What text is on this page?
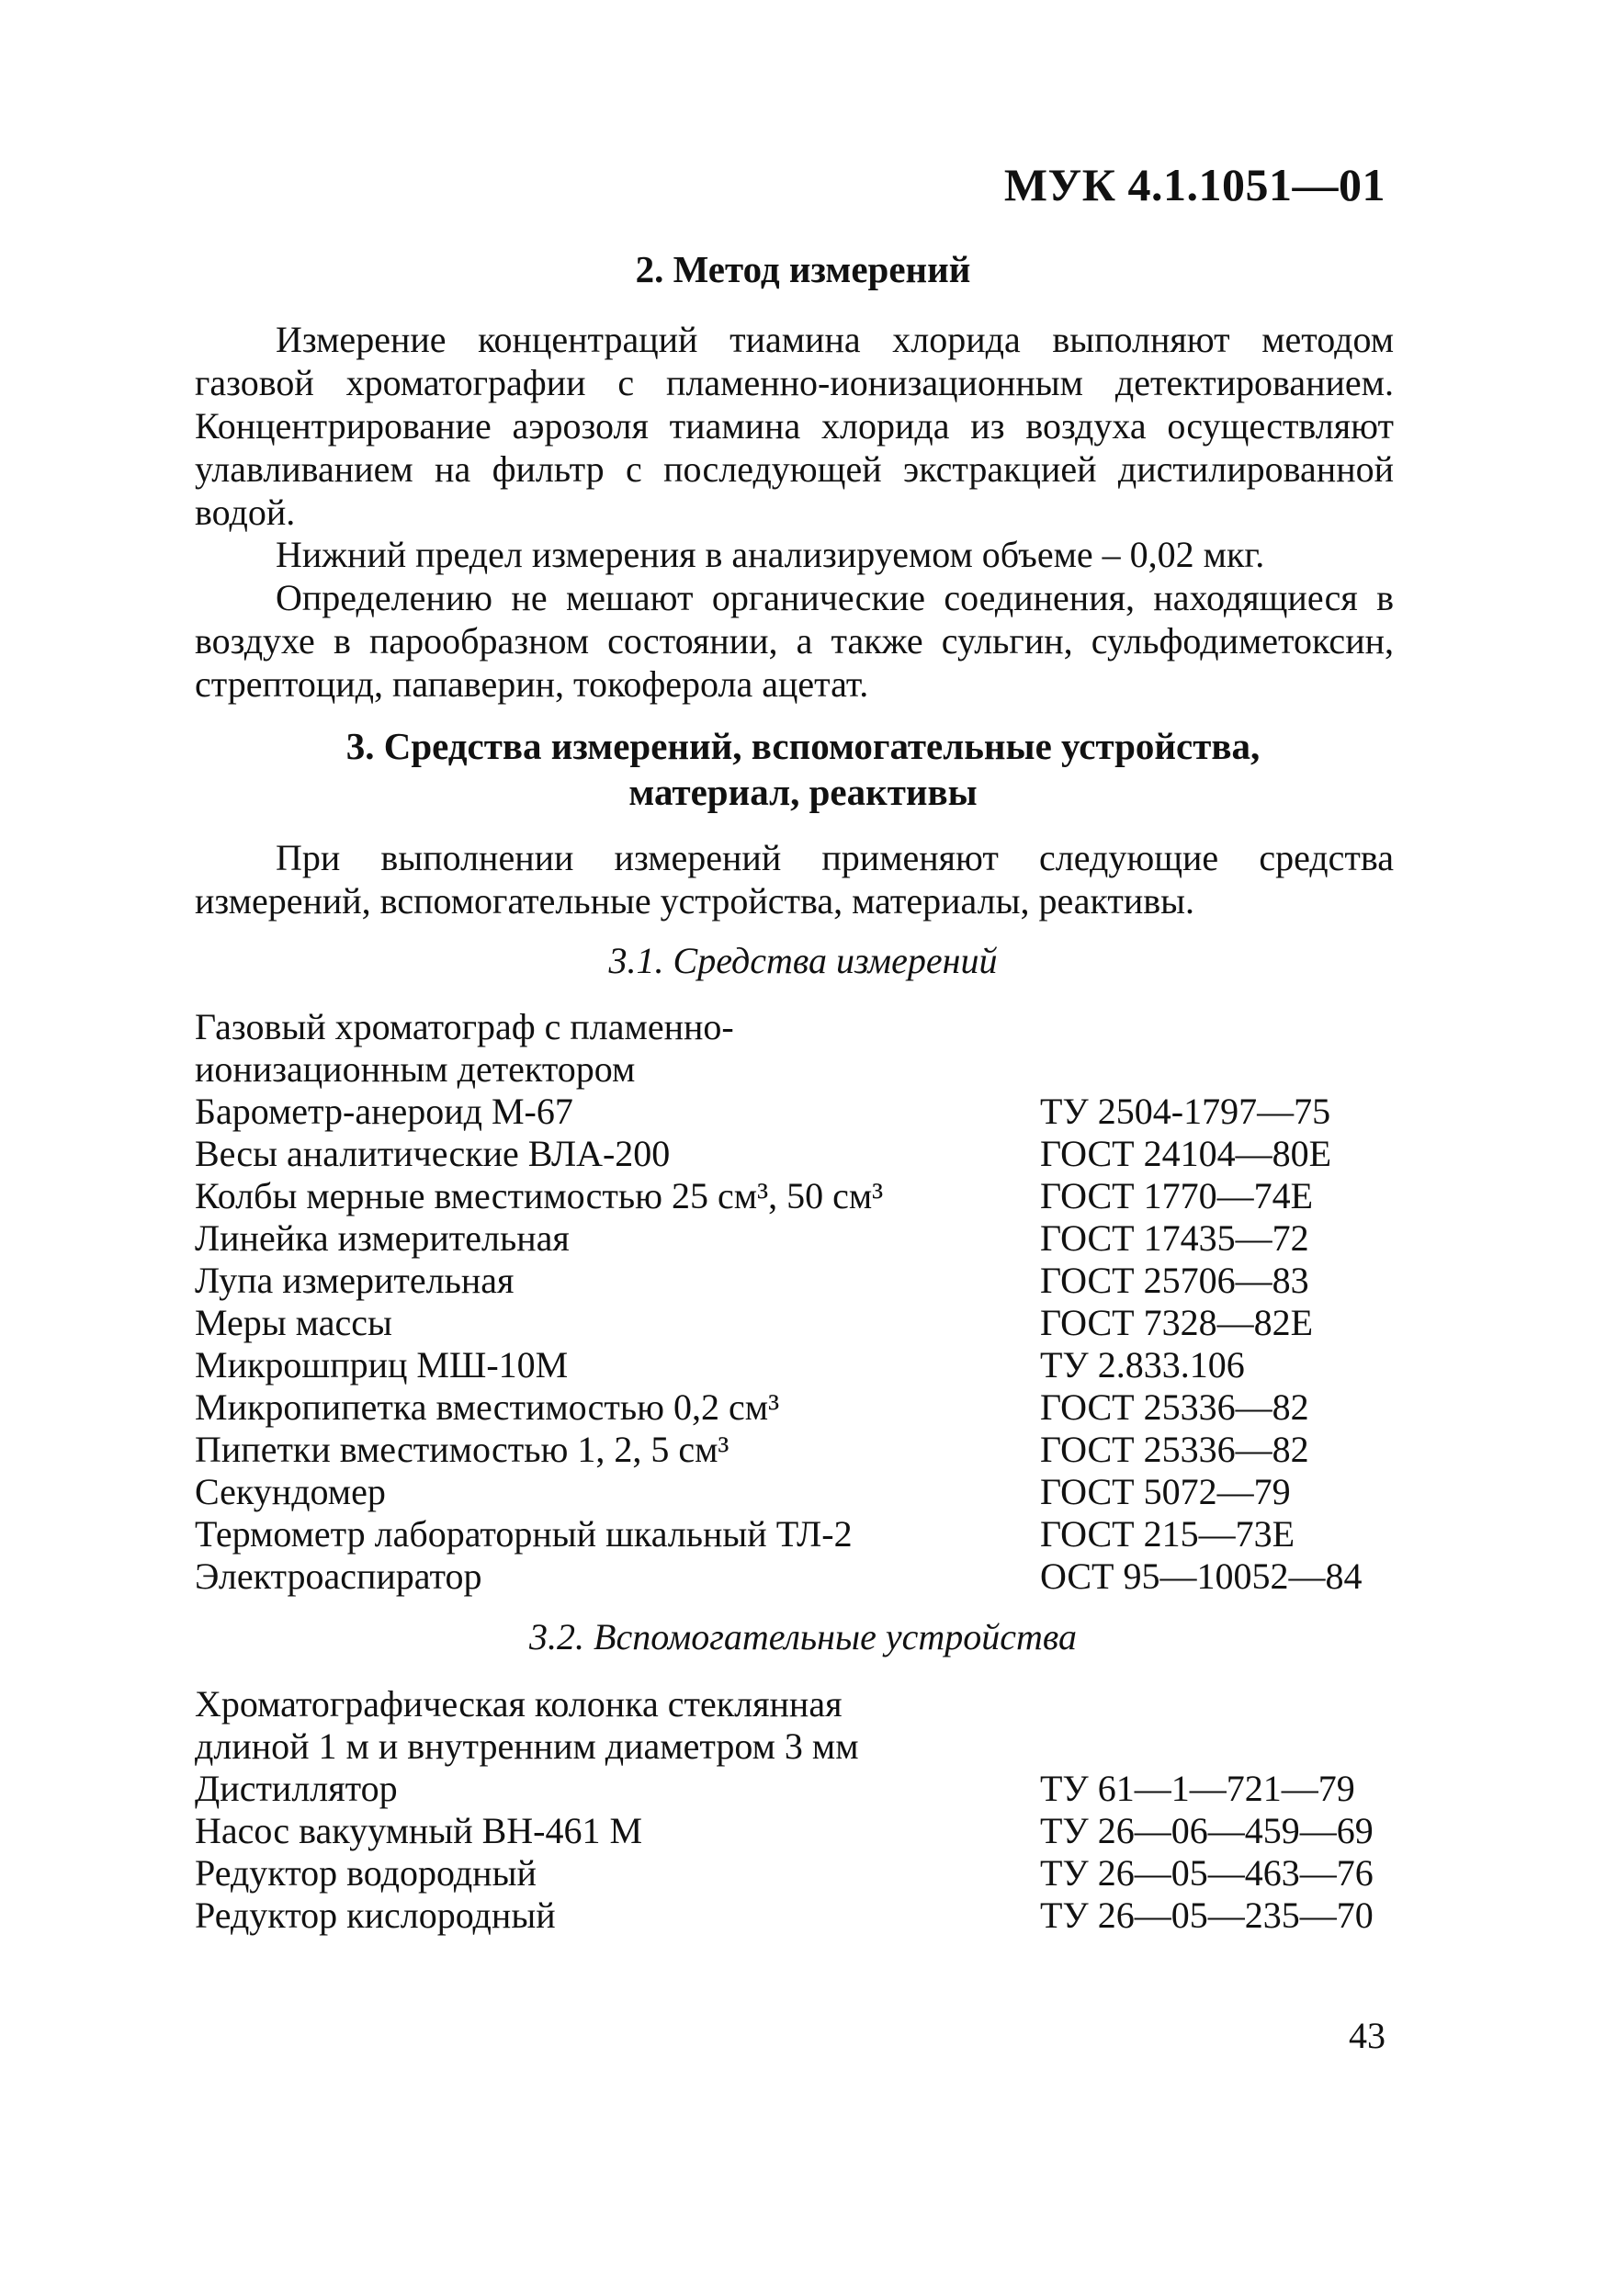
МУК 4.1.1051—01
2. Метод измерений

Измерение концентраций тиамина хлорида выполняют методом газовой хроматографии с пламенно-ионизационным детектированием. Концентрирование аэрозоля тиамина хлорида из воздуха осуществляют улавливанием на фильтр с последующей экстракцией дистилированной водой.

Нижний предел измерения в анализируемом объеме – 0,02 мкг.

Определению не мешают органические соединения, находящиеся в воздухе в парообразном состоянии, а также сульгин, сульфодиметоксин, стрептоцид, папаверин, токоферола ацетат.

3. Средства измерений, вспомогательные устройства,
материал, реактивы

При выполнении измерений применяют следующие средства измерений, вспомогательные устройства, материалы, реактивы.

3.1. Средства измерений
Газовый хроматограф с пламенно-ионизационным детектором
Барометр-анероид М-67	ТУ 2504-1797—75
Весы аналитические ВЛА-200	ГОСТ 24104—80Е
Колбы мерные вместимостью 25 см³, 50 см³	ГОСТ 1770—74Е
Линейка измерительная	ГОСТ 17435—72
Лупа измерительная	ГОСТ 25706—83
Меры массы	ГОСТ 7328—82Е
Микрошприц МШ-10М	ТУ 2.833.106
Микропипетка вместимостью 0,2 см³	ГОСТ 25336—82
Пипетки вместимостью 1, 2, 5 см³	ГОСТ 25336—82
Секундомер	ГОСТ 5072—79
Термометр лабораторный шкальный ТЛ-2	ГОСТ 215—73Е
Электроаспиратор	ОСТ 95—10052—84
3.2. Вспомогательные устройства
Хроматографическая колонка стеклянная длиной 1 м и внутренним диаметром 3 мм
Дистиллятор	ТУ 61—1—721—79
Насос вакуумный ВН-461 М	ТУ 26—06—459—69
Редуктор водородный	ТУ 26—05—463—76
Редуктор кислородный	ТУ 26—05—235—70
43
